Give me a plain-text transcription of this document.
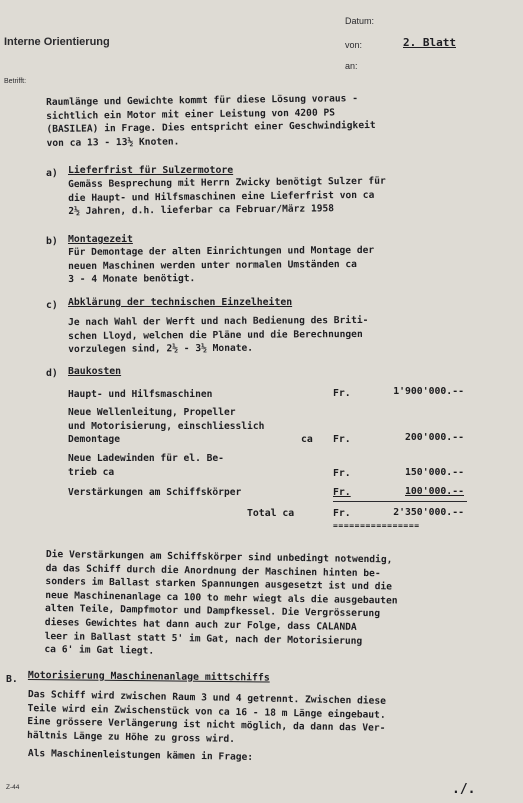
Datum:
Interne Orientierung	von:	2. Blatt
an:
Betrifft:
Raumlänge und Gewichte kommt für diese Lösung voraus -
sichtlich ein Motor mit einer Leistung von 4200 PS
(BASILEA) in Frage. Dies entspricht einer Geschwindigkeit
von ca 13 - 13½ Knoten.
a) Lieferfrist für Sulzermotore
Gemäss Besprechung mit Herrn Zwicky benötigt Sulzer für
die Haupt- und Hilfsmaschinen eine Lieferfrist von ca
2½ Jahren, d.h. lieferbar ca Februar/März 1958
b) Montagezeit
Für Demontage der alten Einrichtungen und Montage der
neuen Maschinen werden unter normalen Umständen ca
3 - 4 Monate benötigt.
c) Abklärung der technischen Einzelheiten
Je nach Wahl der Werft und nach Bedienung des Briti-
schen Lloyd, welchen die Pläne und die Berechnungen
vorzulegen sind, 2½ - 3½ Monate.
d) Baukosten
Haupt- und Hilfsmaschinen	Fr.	1'900'000.--
Neue Wellenleitung, Propeller
und Motorisierung, einschliesslich
Demontage	ca Fr.	200'000.--
Neue Ladewinden für el. Be-
trieb ca	Fr.	150'000.--
Verstärkungen am Schiffskörper	Fr.	100'000.--
Total ca	Fr.	2'350'000.--
================
Die Verstärkungen am Schiffskörper sind unbedingt notwendig,
da das Schiff durch die Anordnung der Maschinen hinten be-
sonders im Ballast starken Spannungen ausgesetzt ist und die
neue Maschinenanlage ca 100 to mehr wiegt als die ausgebauten
alten Teile, Dampfmotor und Dampfkessel. Die Vergrösserung
dieses Gewichtes hat dann auch zur Folge, dass CALANDA
leer in Ballast statt 5' im Gat, nach der Motorisierung
ca 6' im Gat liegt.
B. Motorisierung Maschinenanlage mittschiffs
Das Schiff wird zwischen Raum 3 und 4 getrennt. Zwischen diese
Teile wird ein Zwischenstück von ca 16 - 18 m Länge eingebaut.
Eine grössere Verlängerung ist nicht möglich, da dann das Ver-
hältnis Länge zu Höhe zu gross wird.
Als Maschinenleistungen kämen in Frage:
Z-44	./.
